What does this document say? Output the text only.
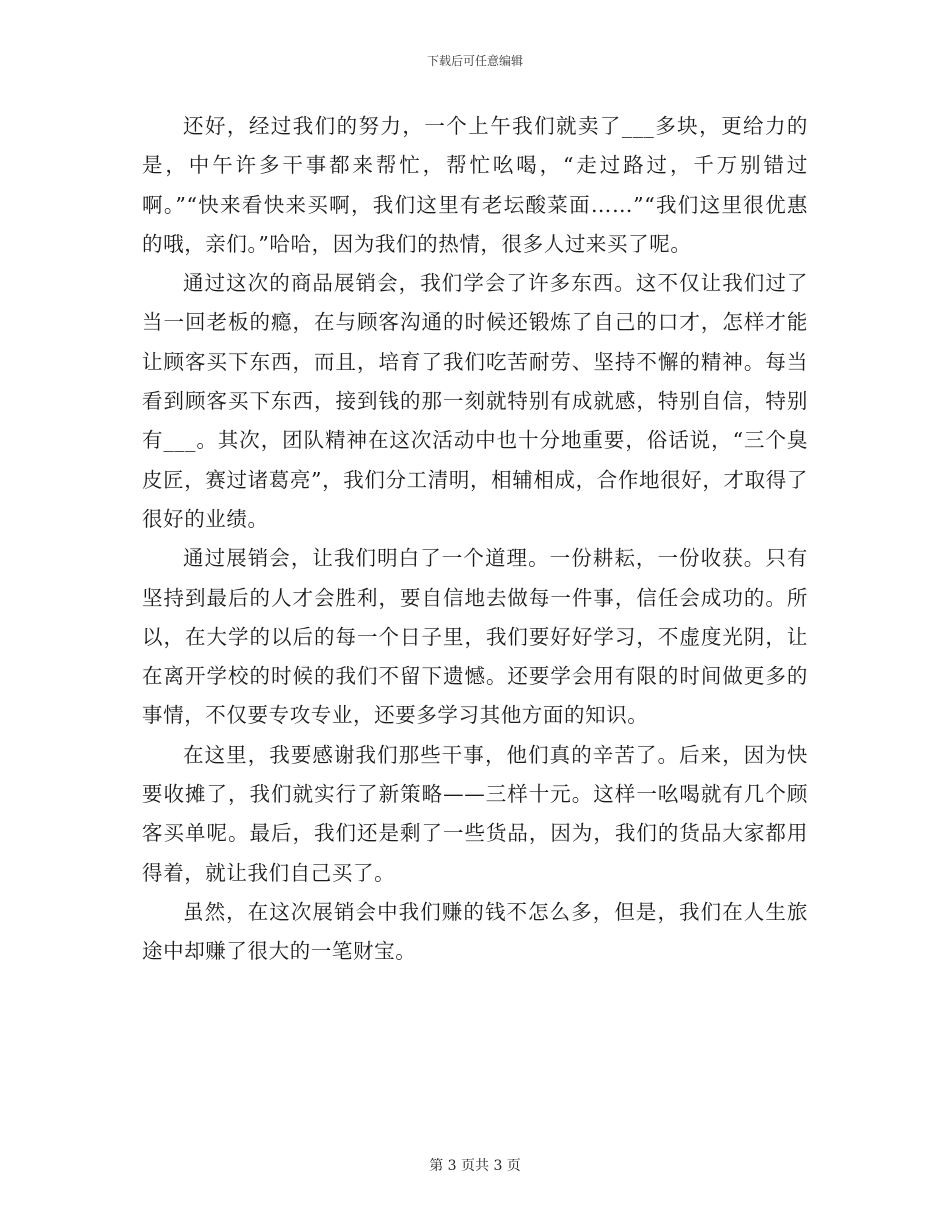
下载后可任意编辑

还好，经过我们的努力，一个上午我们就卖了___多块，更给力的是，中午许多干事都来帮忙，帮忙吆喝，“走过路过，千万别错过啊。”“快来看快来买啊，我们这里有老坛酸菜面……”“我们这里很优惠的哦，亲们。”哈哈，因为我们的热情，很多人过来买了呢。

通过这次的商品展销会，我们学会了许多东西。这不仅让我们过了当一回老板的瘾，在与顾客沟通的时候还锻炼了自己的口才，怎样才能让顾客买下东西，而且，培育了我们吃苦耐劳、坚持不懈的精神。每当看到顾客买下东西，接到钱的那一刻就特别有成就感，特别自信，特别有___。其次，团队精神在这次活动中也十分地重要，俗话说，“三个臭皮匠，赛过诸葛亮”，我们分工清明，相辅相成，合作地很好，才取得了很好的业绩。

通过展销会，让我们明白了一个道理。一份耕耘，一份收获。只有坚持到最后的人才会胜利，要自信地去做每一件事，信任会成功的。所以，在大学的以后的每一个日子里，我们要好好学习，不虚度光阴，让在离开学校的时候的我们不留下遗憾。还要学会用有限的时间做更多的事情，不仅要专攻专业，还要多学习其他方面的知识。

在这里，我要感谢我们那些干事，他们真的辛苦了。后来，因为快要收摊了，我们就实行了新策略——三样十元。这样一吆喝就有几个顾客买单呢。最后，我们还是剩了一些货品，因为，我们的货品大家都用得着，就让我们自己买了。

虽然，在这次展销会中我们赚的钱不怎么多，但是，我们在人生旅途中却赚了很大的一笔财宝。

第 3 页共 3 页
